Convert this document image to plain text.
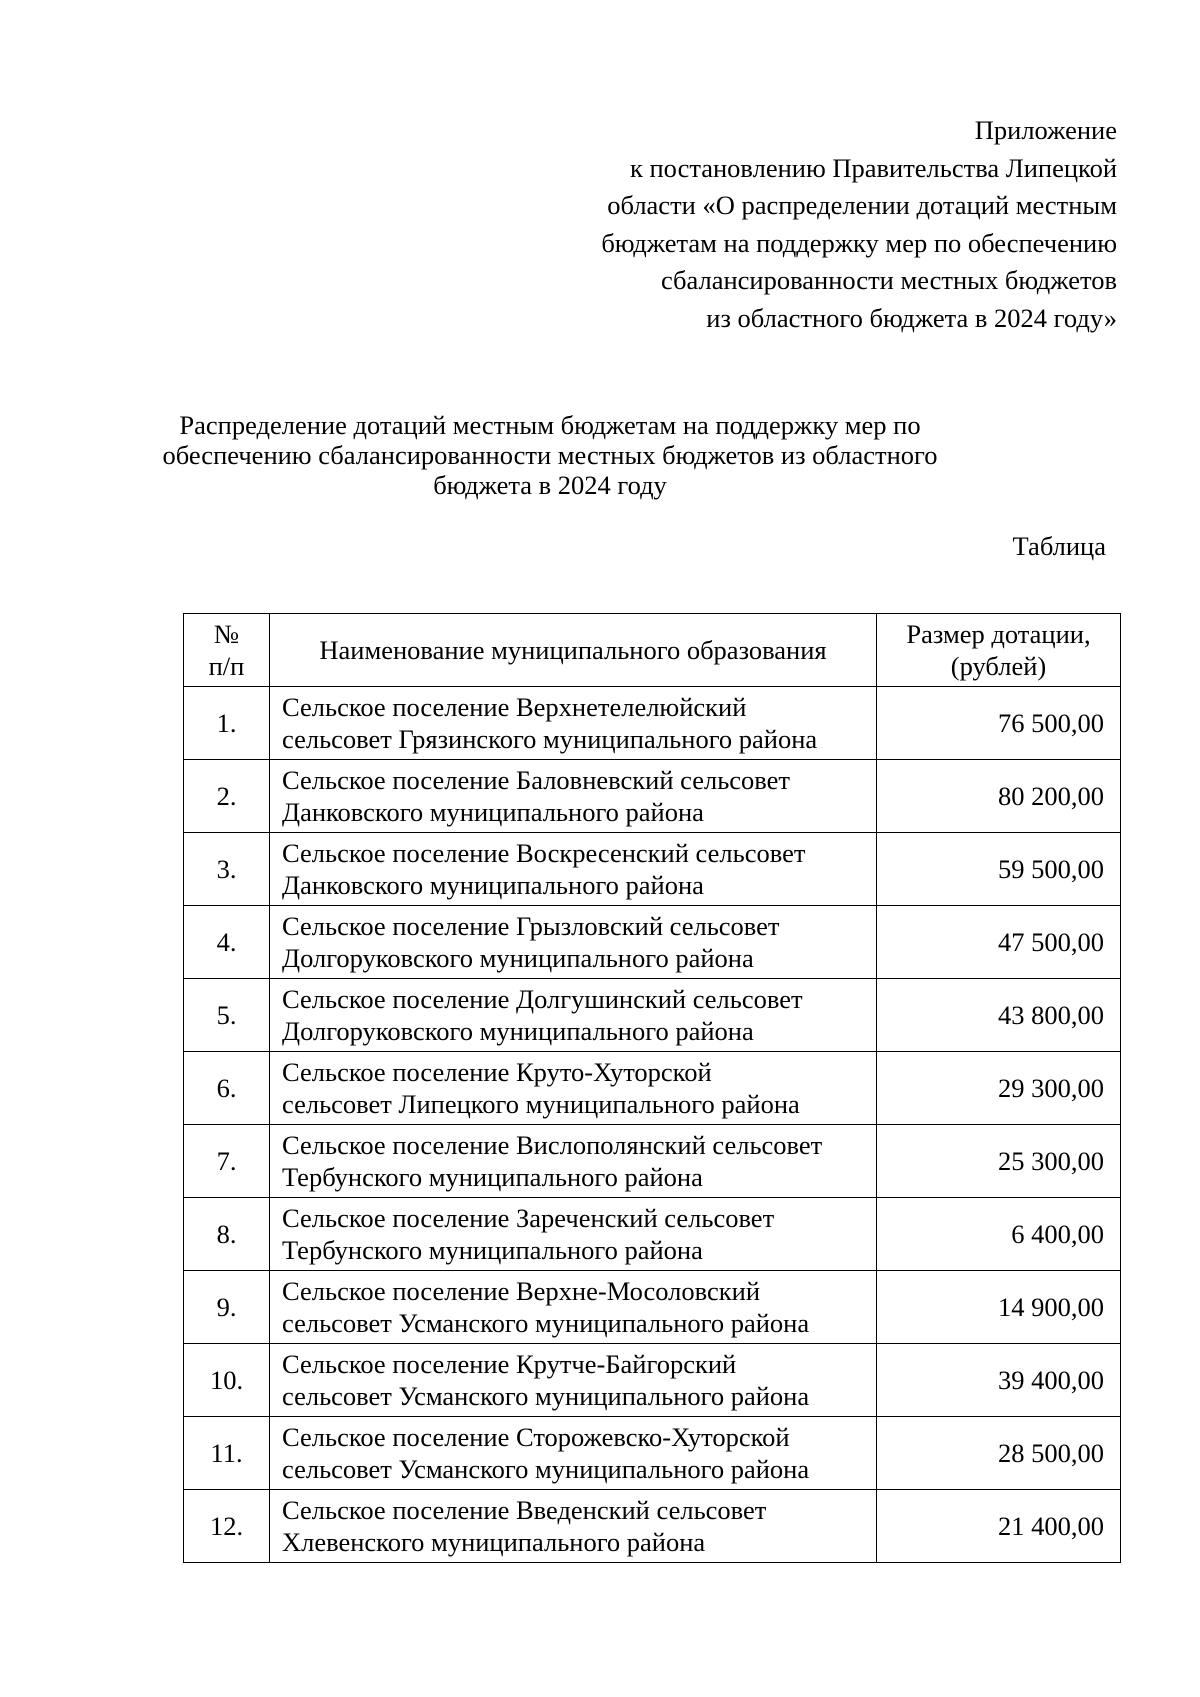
Приложение
к постановлению Правительства Липецкой
области «О распределении дотаций местным
бюджетам на поддержку мер по обеспечению
сбалансированности местных бюджетов
из областного бюджета в 2024 году»
Распределение дотаций местным бюджетам на поддержку мер по
обеспечению сбалансированности местных бюджетов из областного
бюджета в 2024 году
Таблица
№
п/п	Наименование муниципального образования	Размер дотации,
(рублей)

1.	Сельское поселение Верхнетелелюйский
сельсовет Грязинского муниципального района	76 500,00
2.	Сельское поселение Баловневский сельсовет
Данковского муниципального района	80 200,00
3.	Сельское поселение Воскресенский сельсовет
Данковского муниципального района	59 500,00
4.	Сельское поселение Грызловский сельсовет
Долгоруковского муниципального района	47 500,00
5.	Сельское поселение Долгушинский сельсовет
Долгоруковского муниципального района	43 800,00
6.	Сельское поселение Круто-Хуторской
сельсовет Липецкого муниципального района	29 300,00
7.	Сельское поселение Вислополянский сельсовет
Тербунского муниципального района	25 300,00
8.	Сельское поселение Зареченский сельсовет
Тербунского муниципального района	6 400,00
9.	Сельское поселение Верхне-Мосоловский
сельсовет Усманского муниципального района	14 900,00
10.	Сельское поселение Крутче-Байгорский
сельсовет Усманского муниципального района	39 400,00
11.	Сельское поселение Сторожевско-Хуторской
сельсовет Усманского муниципального района	28 500,00
12.	Сельское поселение Введенский сельсовет
Хлевенского муниципального района	21 400,00
